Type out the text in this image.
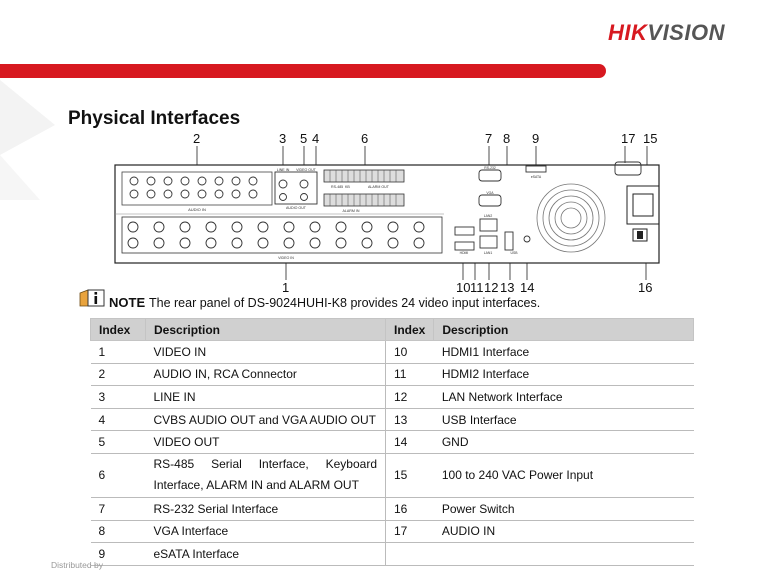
HIKVISION
Physical Interfaces
2	3 5 4	6	7 8 9	17 15
AUDIO IN
LINE IN VIDEO OUT
AUDIO OUT
RS-485 KB	ALARM OUT
ALARM IN
VIDEO IN
RS-232
VGA
eSATA
LAN2
LAN1
HDMI	USB
1	10 11 12 13 14	16
NOTE The rear panel of DS-9024HUHI-K8 provides 24 video input interfaces.
Index	Description	Index	Description
1	VIDEO IN	10	HDMI1 Interface
2	AUDIO IN, RCA Connector	11	HDMI2 Interface
3	LINE IN	12	LAN Network Interface
4	CVBS AUDIO OUT and VGA AUDIO OUT	13	USB Interface
5	VIDEO OUT	14	GND
6	RS-485 Serial Interface, Keyboard Interface, ALARM IN and ALARM OUT	15	100 to 240 VAC Power Input
7	RS-232 Serial Interface	16	Power Switch
8	VGA Interface	17	AUDIO IN
9	eSATA Interface		
Distributed by
